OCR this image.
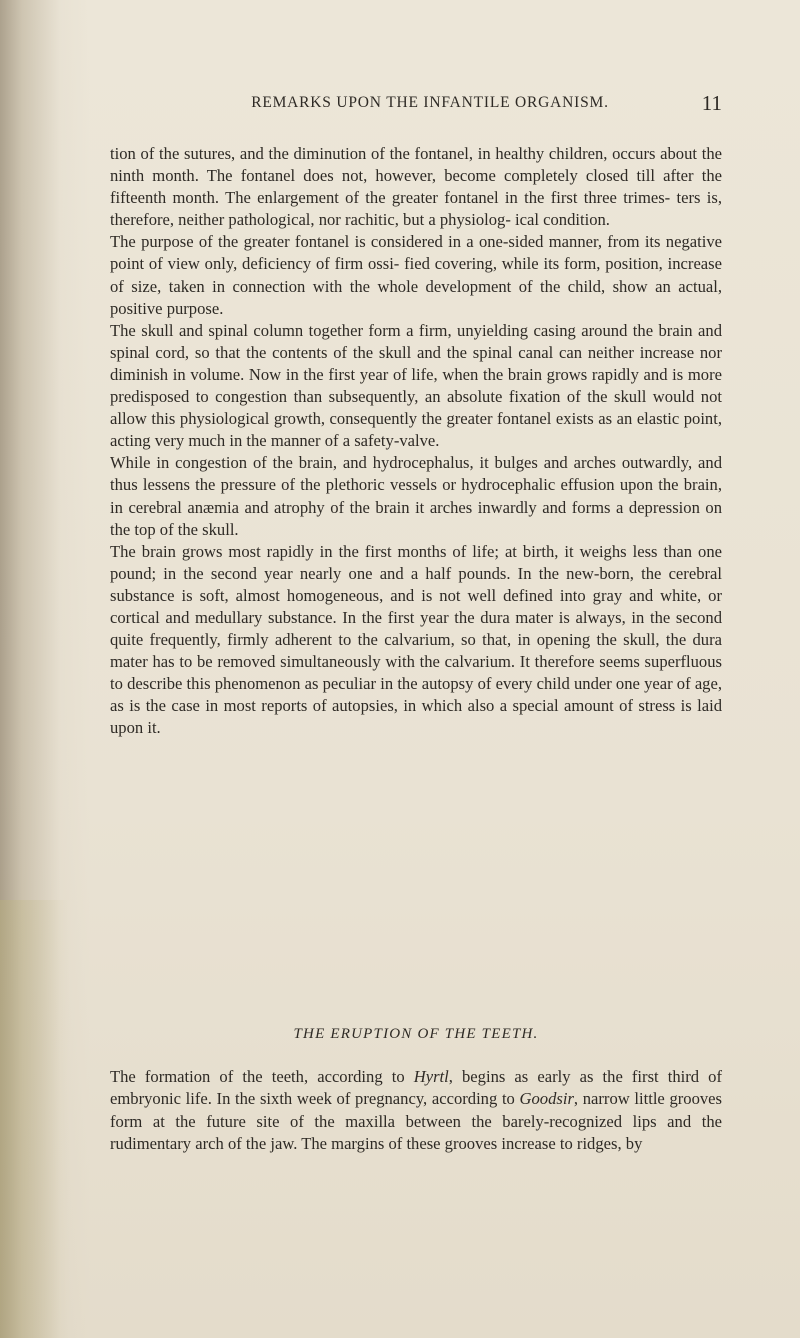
REMARKS UPON THE INFANTILE ORGANISM.	11

tion of the sutures, and the diminution of the fontanel, in healthy children, occurs about the ninth month. The fontanel does not, however, become completely closed till after the fifteenth month. The enlargement of the greater fontanel in the first three trimes- ters is, therefore, neither pathological, nor rachitic, but a physiolog- ical condition.

The purpose of the greater fontanel is considered in a one-sided manner, from its negative point of view only, deficiency of firm ossi- fied covering, while its form, position, increase of size, taken in connection with the whole development of the child, show an actual, positive purpose.

The skull and spinal column together form a firm, unyielding casing around the brain and spinal cord, so that the contents of the skull and the spinal canal can neither increase nor diminish in volume. Now in the first year of life, when the brain grows rapidly and is more predisposed to congestion than subsequently, an absolute fixation of the skull would not allow this physiological growth, consequently the greater fontanel exists as an elastic point, acting very much in the manner of a safety-valve.

While in congestion of the brain, and hydrocephalus, it bulges and arches outwardly, and thus lessens the pressure of the plethoric vessels or hydrocephalic effusion upon the brain, in cerebral anæmia and atrophy of the brain it arches inwardly and forms a depression on the top of the skull.

The brain grows most rapidly in the first months of life; at birth, it weighs less than one pound; in the second year nearly one and a half pounds. In the new-born, the cerebral substance is soft, almost homogeneous, and is not well defined into gray and white, or cortical and medullary substance. In the first year the dura mater is always, in the second quite frequently, firmly adherent to the calvarium, so that, in opening the skull, the dura mater has to be removed simultaneously with the calvarium. It therefore seems superfluous to describe this phenomenon as peculiar in the autopsy of every child under one year of age, as is the case in most reports of autopsies, in which also a special amount of stress is laid upon it.

THE ERUPTION OF THE TEETH.

The formation of the teeth, according to Hyrtl, begins as early as the first third of embryonic life. In the sixth week of pregnancy, according to Goodsir, narrow little grooves form at the future site of the maxilla between the barely-recognized lips and the rudimentary arch of the jaw. The margins of these grooves increase to ridges, by
